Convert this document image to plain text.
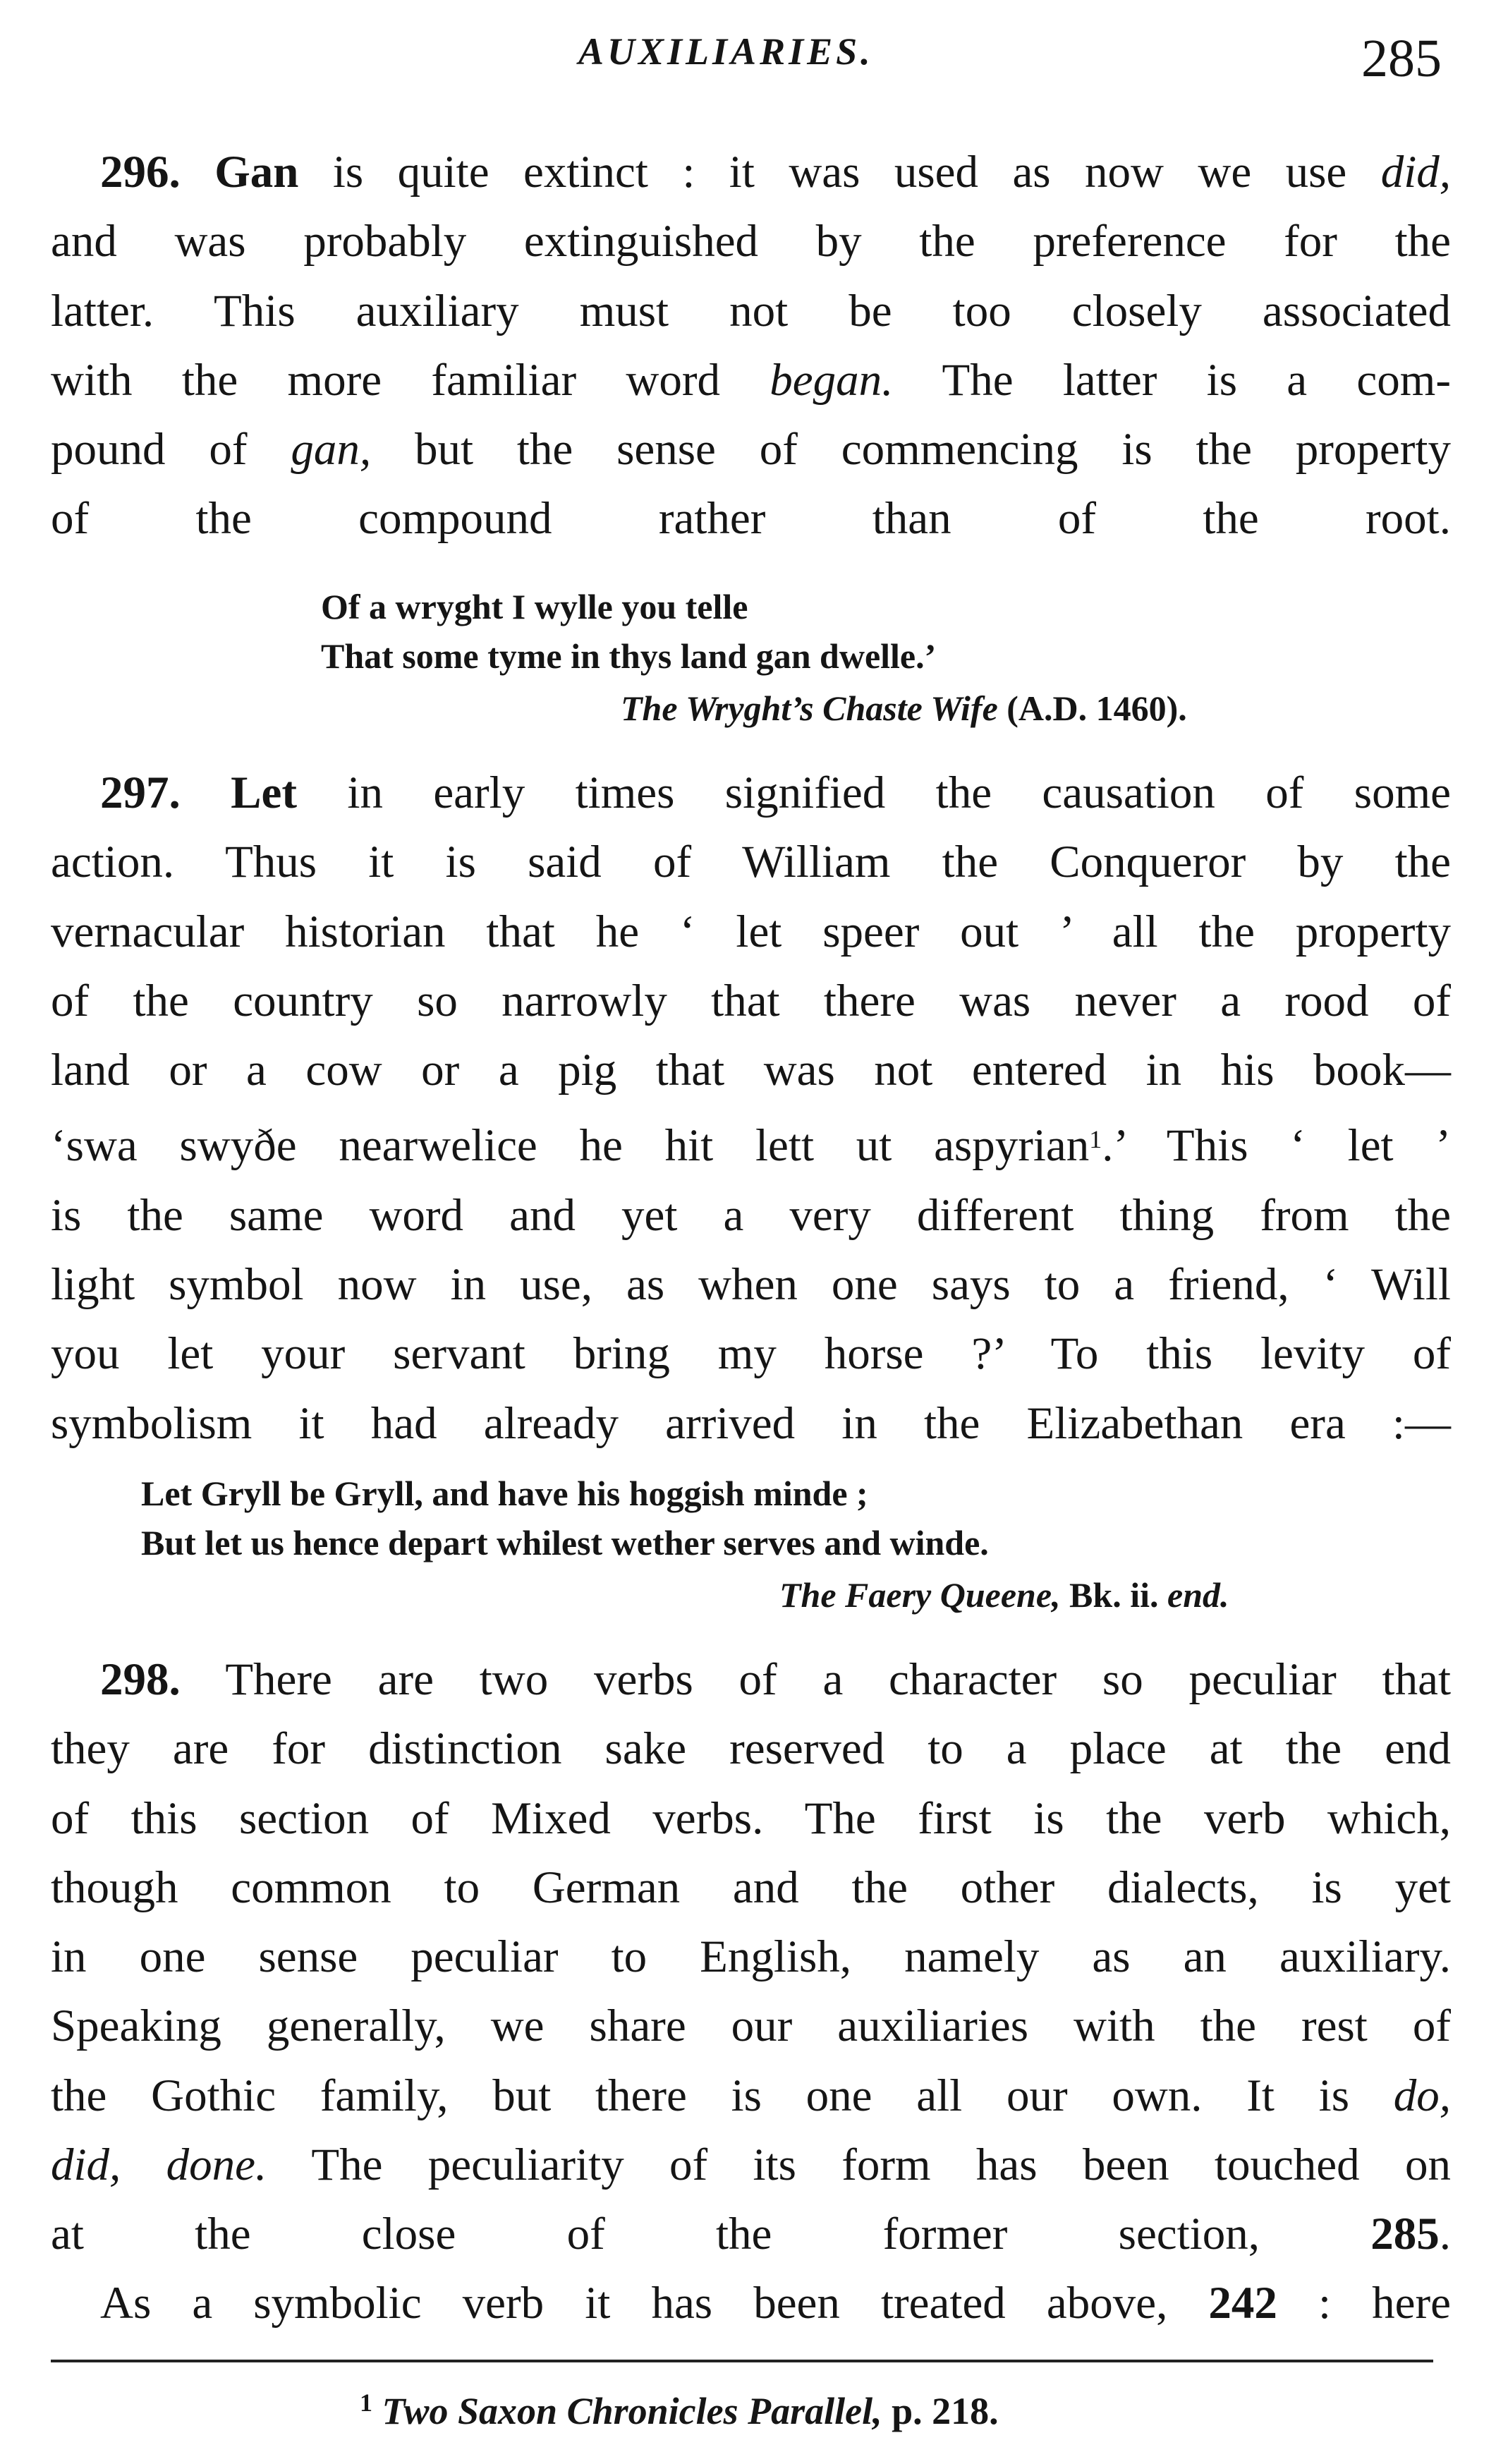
AUXILIARIES.	285
296. Gan is quite extinct : it was used as now we use did,
and was probably extinguished by the preference for the
latter. This auxiliary must not be too closely associated
with the more familiar word began. The latter is a com-
pound of gan, but the sense of commencing is the property
of the compound rather than of the root.
Of a wryght I wylle you telle
That some tyme in thys land gan dwelle.’
The Wryght’s Chaste Wife (A.D. 1460).
297. Let in early times signified the causation of some
action. Thus it is said of William the Conqueror by the
vernacular historian that he ‘ let speer out ’ all the property
of the country so narrowly that there was never a rood of
land or a cow or a pig that was not entered in his book—
‘swa swyðe nearwelice he hit lett ut aspyrian$^1$.’ This ‘ let ’
is the same word and yet a very different thing from the
light symbol now in use, as when one says to a friend, ‘ Will
you let your servant bring my horse ?’ To this levity of
symbolism it had already arrived in the Elizabethan era :—
Let Gryll be Gryll, and have his hoggish minde ;
But let us hence depart whilest wether serves and winde.
The Faery Queene, Bk. ii. end.
298. There are two verbs of a character so peculiar that
they are for distinction sake reserved to a place at the end
of this section of Mixed verbs. The first is the verb which,
though common to German and the other dialects, is yet
in one sense peculiar to English, namely as an auxiliary.
Speaking generally, we share our auxiliaries with the rest of
the Gothic family, but there is one all our own. It is do,
did, done. The peculiarity of its form has been touched on
at the close of the former section, 285.
As a symbolic verb it has been treated above, 242 : here
$^1$ Two Saxon Chronicles Parallel, p. 218.
